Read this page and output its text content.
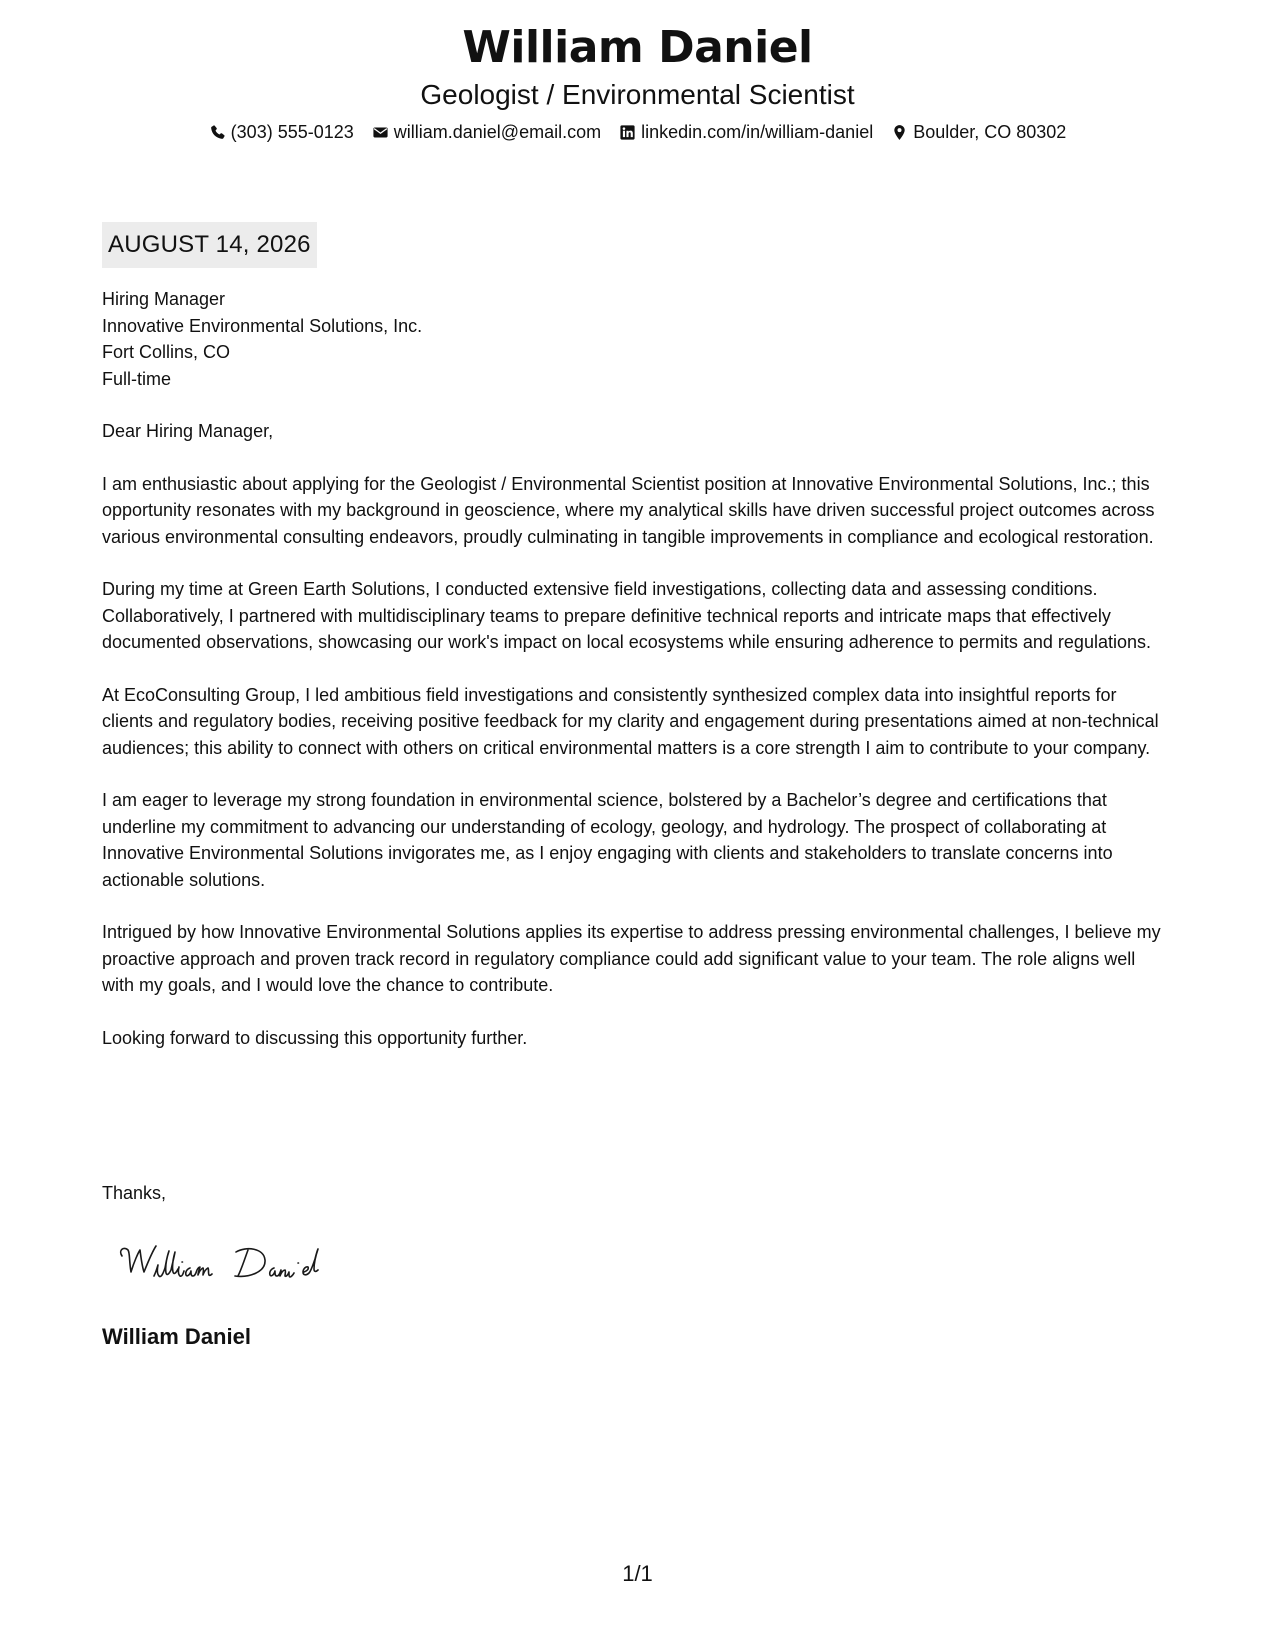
William Daniel
Geologist / Environmental Scientist
(303) 555-0123 william.daniel@email.com linkedin.com/in/william-daniel Boulder, CO 80302
AUGUST 14, 2026
Hiring Manager
Innovative Environmental Solutions, Inc.
Fort Collins, CO
Full-time
Dear Hiring Manager,

I am enthusiastic about applying for the Geologist / Environmental Scientist position at Innovative Environmental Solutions, Inc.; this opportunity resonates with my background in geoscience, where my analytical skills have driven successful project outcomes across various environmental consulting endeavors, proudly culminating in tangible improvements in compliance and ecological restoration.

During my time at Green Earth Solutions, I conducted extensive field investigations, collecting data and assessing conditions. Collaboratively, I partnered with multidisciplinary teams to prepare definitive technical reports and intricate maps that effectively documented observations, showcasing our work's impact on local ecosystems while ensuring adherence to permits and regulations.

At EcoConsulting Group, I led ambitious field investigations and consistently synthesized complex data into insightful reports for clients and regulatory bodies, receiving positive feedback for my clarity and engagement during presentations aimed at non-technical audiences; this ability to connect with others on critical environmental matters is a core strength I aim to contribute to your company.

I am eager to leverage my strong foundation in environmental science, bolstered by a Bachelor’s degree and certifications that underline my commitment to advancing our understanding of ecology, geology, and hydrology. The prospect of collaborating at Innovative Environmental Solutions invigorates me, as I enjoy engaging with clients and stakeholders to translate concerns into actionable solutions.

Intrigued by how Innovative Environmental Solutions applies its expertise to address pressing environmental challenges, I believe my proactive approach and proven track record in regulatory compliance could add significant value to your team. The role aligns well with my goals, and I would love the chance to contribute.

Looking forward to discussing this opportunity further.
Thanks,
William Daniel
1/1
